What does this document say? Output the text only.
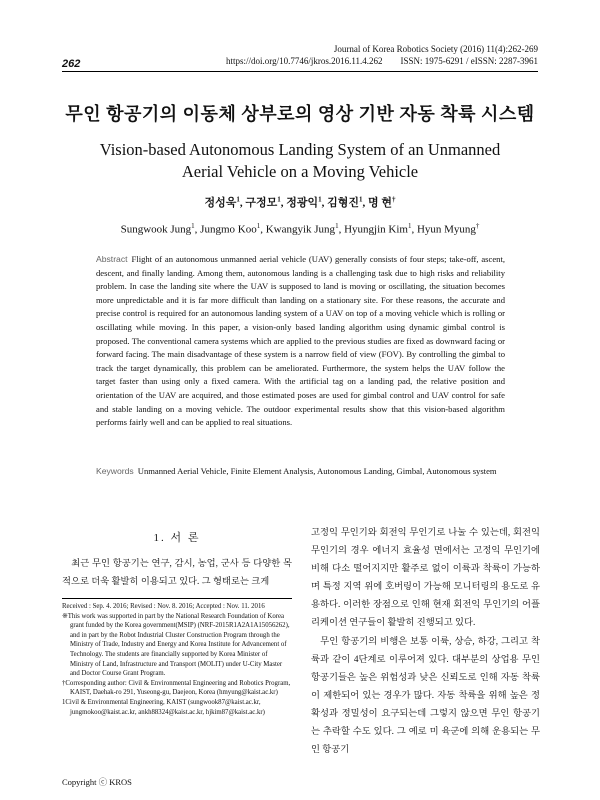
262
Journal of Korea Robotics Society (2016) 11(4):262-269
https://doi.org/10.7746/jkros.2016.11.4.262        ISSN: 1975-6291 / eISSN: 2287-3961
무인 항공기의 이동체 상부로의 영상 기반 자동 착륙 시스템
Vision-based Autonomous Landing System of an Unmanned
Aerial Vehicle on a Moving Vehicle
정성욱$^1$, 구정모$^1$, 정광익$^1$, 김형진$^1$, 명 현†
Sungwook Jung$^1$, Jungmo Koo$^1$, Kwangyik Jung$^1$, Hyungjin Kim$^1$, Hyun Myung†
Abstract Flight of an autonomous unmanned aerial vehicle (UAV) generally consists of four steps; take-off, ascent, descent, and finally landing. Among them, autonomous landing is a challenging task due to high risks and reliability problem. In case the landing site where the UAV is supposed to land is moving or oscillating, the situation becomes more unpredictable and it is far more difficult than landing on a stationary site. For these reasons, the accurate and precise control is required for an autonomous landing system of a UAV on top of a moving vehicle which is rolling or oscillating while moving. In this paper, a vision-only based landing algorithm using dynamic gimbal control is proposed. The conventional camera systems which are applied to the previous studies are fixed as downward facing or forward facing. The main disadvantage of these system is a narrow field of view (FOV). By controlling the gimbal to track the target dynamically, this problem can be ameliorated. Furthermore, the system helps the UAV follow the target faster than using only a fixed camera. With the artificial tag on a landing pad, the relative position and orientation of the UAV are acquired, and those estimated poses are used for gimbal control and UAV control for safe and stable landing on a moving vehicle. The outdoor experimental results show that this vision-based algorithm performs fairly well and can be applied to real situations.
Keywords Unmanned Aerial Vehicle, Finite Element Analysis, Autonomous Landing, Gimbal, Autonomous system
1. 서 론

최근 무인 항공기는 연구, 감시, 농업, 군사 등 다양한 목적으로 더욱 활발히 이용되고 있다. 그 형태로는 크게

Received : Sep. 4. 2016; Revised : Nov. 8. 2016; Accepted : Nov. 11. 2016

※This work was supported in part by the National Research Foundation of Korea grant funded by the Korea government(MSIP) (NRF-2015R1A2A1A15056262), and in part by the Robot Industrial Cluster Construction Program through the Ministry of Trade, Industry and Energy and Korea Institute for Advancement of Technology. The students are financially supported by Korea Minister of Ministry of Land, Infrastructure and Transport (MOLIT) under U-City Master and Doctor Course Grant Program.

†Corresponding author: Civil & Environmental Engineering and Robotics Program, KAIST, Daehak-ro 291, Yuseong-gu, Daejeon, Korea (hmyung@kaist.ac.kr)

1Civil & Environmental Engineering, KAIST (sungwook87@kaist.ac.kr, jungmokoo@kaist.ac.kr, ankh88324@kaist.ac.kr, hjkim87@kaist.ac.kr)

고정익 무인기와 회전익 무인기로 나눌 수 있는데, 회전익 무인기의 경우 에너지 효율성 면에서는 고정익 무인기에 비해 다소 떨어지지만 활주로 없이 이륙과 착륙이 가능하며 특정 지역 위에 호버링이 가능해 모니터링의 용도로 유용하다. 이러한 장점으로 인해 현재 회전익 무인기의 어플리케이션 연구들이 활발히 진행되고 있다.

무인 항공기의 비행은 보통 이륙, 상승, 하강, 그리고 착륙과 같이 4단계로 이루어져 있다. 대부분의 상업용 무인 항공기들은 높은 위험성과 낮은 신뢰도로 인해 자동 착륙이 제한되어 있는 경우가 많다. 자동 착륙을 위해 높은 정확성과 정밀성이 요구되는데 그렇지 않으면 무인 항공기는 추락할 수도 있다. 그 예로 미 육군에 의해 운용되는 무인 항공기

Copyright ⓒ KROS
